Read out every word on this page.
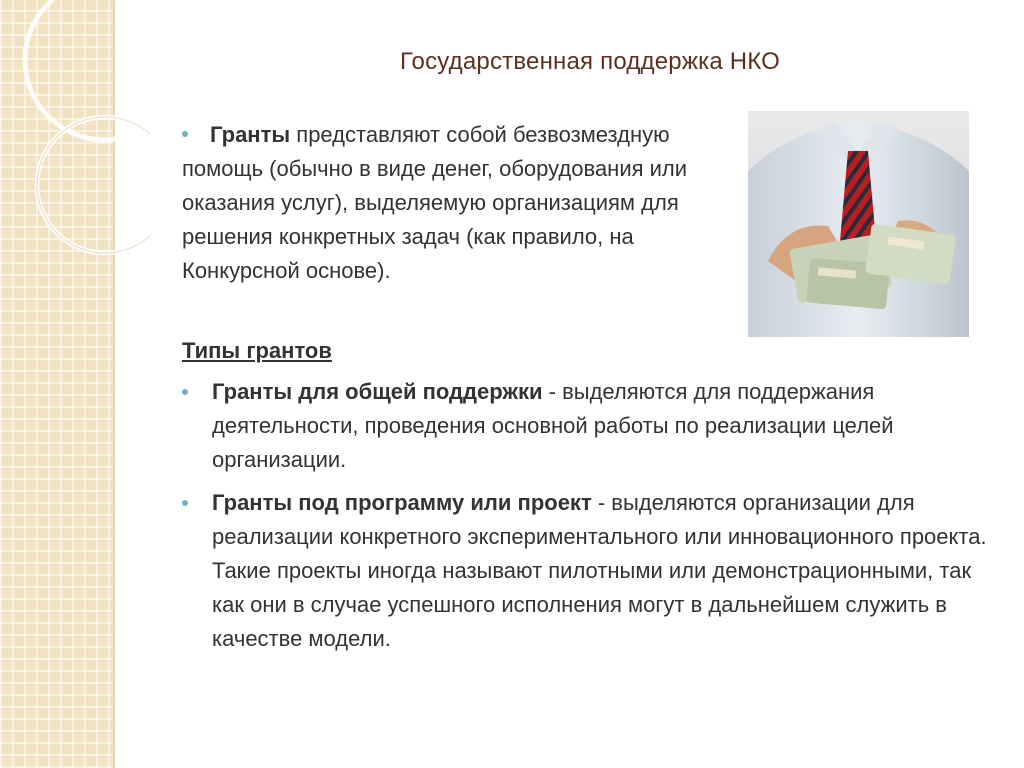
Государственная поддержка НКО
Гранты представляют собой безвозмездную помощь (обычно в виде денег, оборудования или оказания услуг), выделяемую организациям для решения конкретных задач (как правило, на Конкурсной основе).
Типы грантов
Гранты для общей поддержки - выделяются для поддержания деятельности, проведения основной работы по реализации целей организации.
Гранты под программу или проект - выделяются организации для реализации конкретного экспериментального или инновационного проекта. Такие проекты иногда называют пилотными или демонстрационными, так как они в случае успешного исполнения могут в дальнейшем служить в качестве модели.
